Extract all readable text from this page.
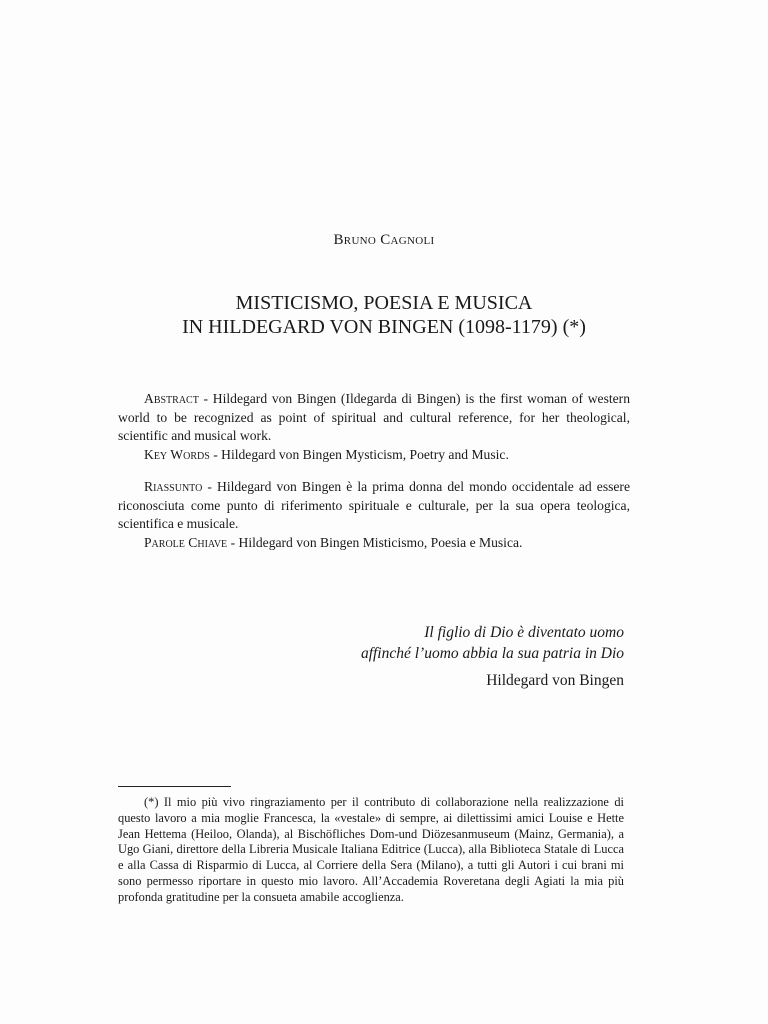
Bruno Cagnoli
MISTICISMO, POESIA E MUSICA
IN HILDEGARD VON BINGEN (1098-1179) (*)

Abstract - Hildegard von Bingen (Ildegarda di Bingen) is the first woman of western world to be recognized as point of spiritual and cultural reference, for her theological, scientific and musical work.

Key Words - Hildegard von Bingen Mysticism, Poetry and Music.

Riassunto - Hildegard von Bingen è la prima donna del mondo occidentale ad essere riconosciuta come punto di riferimento spirituale e culturale, per la sua opera teologica, scientifica e musicale.

Parole Chiave - Hildegard von Bingen Misticismo, Poesia e Musica.

Il figlio di Dio è diventato uomo
affinché l’uomo abbia la sua patria in Dio
Hildegard von Bingen

(*) Il mio più vivo ringraziamento per il contributo di collaborazione nella realizzazione di questo lavoro a mia moglie Francesca, la «vestale» di sempre, ai dilettissimi amici Louise e Hette Jean Hettema (Heiloo, Olanda), al Bischöfliches Dom-und Diözesanmuseum (Mainz, Germania), a Ugo Giani, direttore della Libreria Musicale Italiana Editrice (Lucca), alla Biblioteca Statale di Lucca e alla Cassa di Risparmio di Lucca, al Corriere della Sera (Milano), a tutti gli Autori i cui brani mi sono permesso riportare in questo mio lavoro. All’Accademia Roveretana degli Agiati la mia più profonda gratitudine per la consueta amabile accoglienza.
